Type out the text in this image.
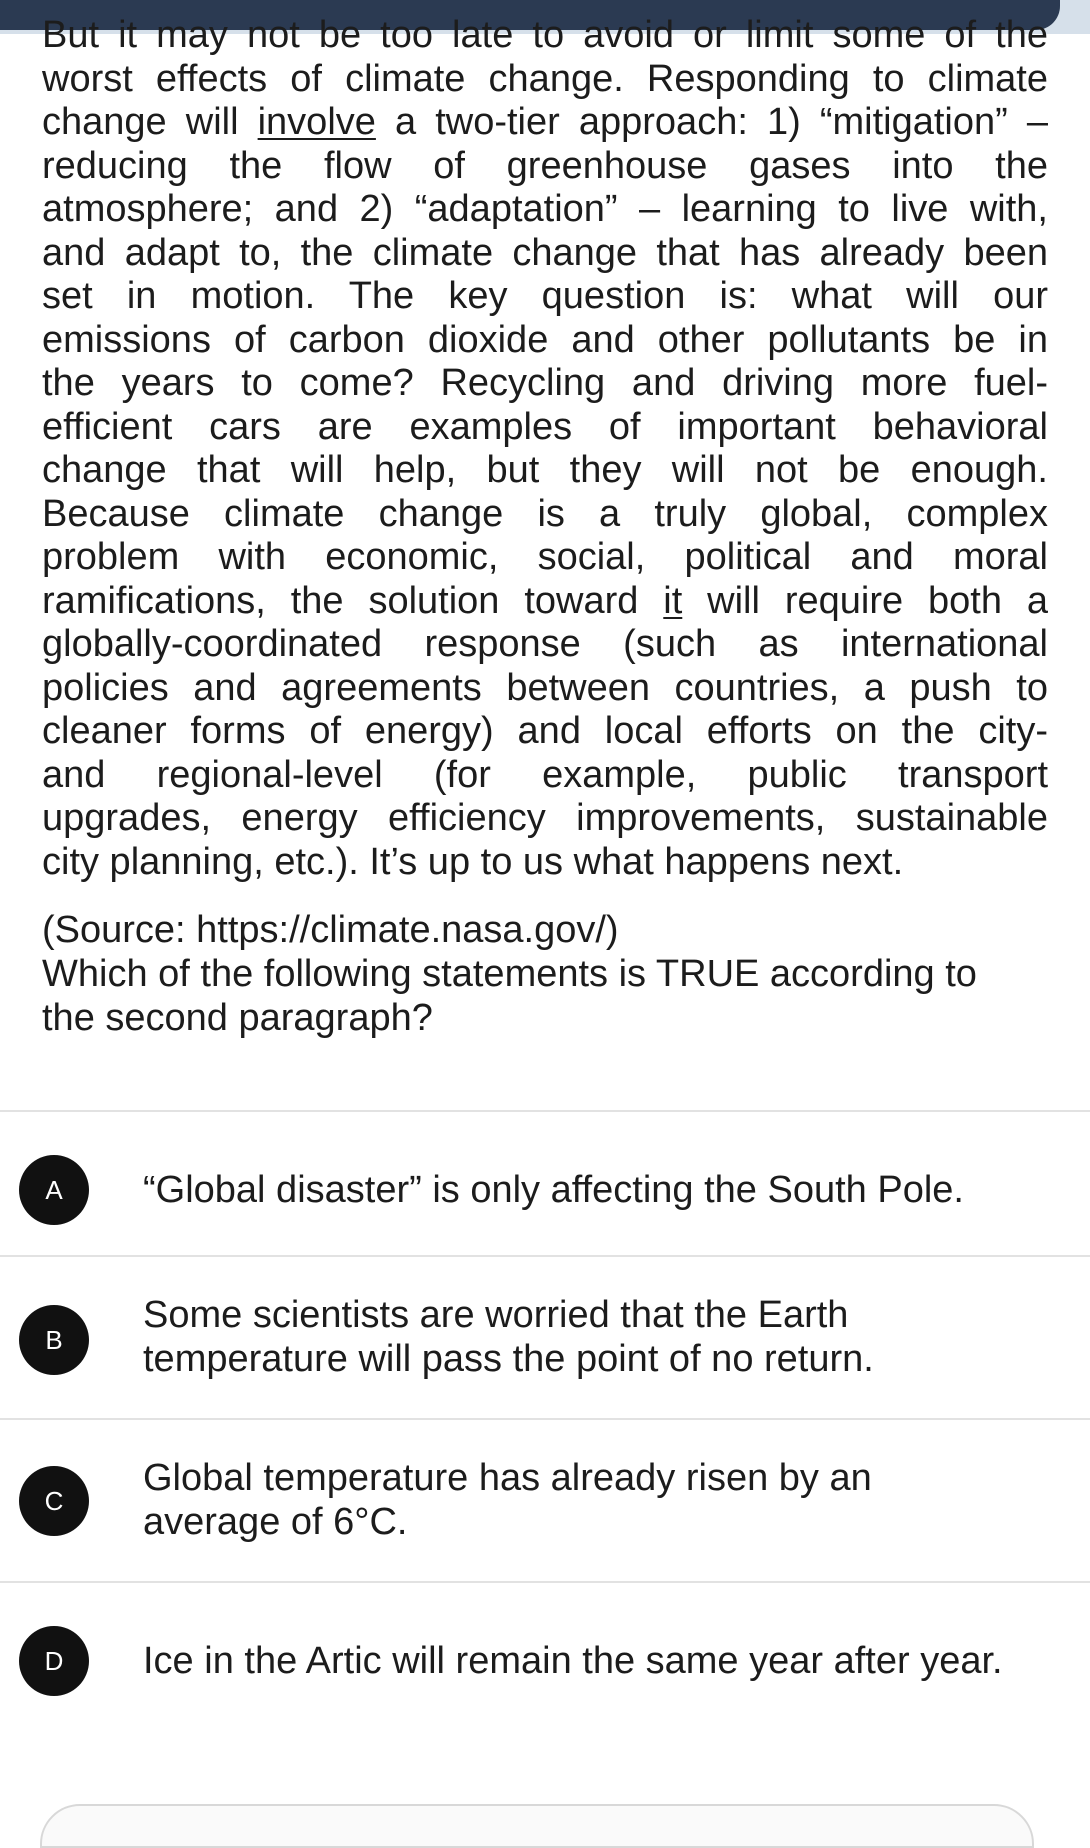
But it may not be too late to avoid or limit some of the
worst effects of climate change. Responding to climate
change will involve a two-tier approach: 1) “mitigation” –
reducing the flow of greenhouse gases into the
atmosphere; and 2) “adaptation” – learning to live with,
and adapt to, the climate change that has already been
set in motion. The key question is: what will our
emissions of carbon dioxide and other pollutants be in
the years to come? Recycling and driving more fuel-
efficient cars are examples of important behavioral
change that will help, but they will not be enough.
Because climate change is a truly global, complex
problem with economic, social, political and moral
ramifications, the solution toward it will require both a
globally-coordinated response (such as international
policies and agreements between countries, a push to
cleaner forms of energy) and local efforts on the city-
and regional-level (for example, public transport
upgrades, energy efficiency improvements, sustainable
city planning, etc.). It’s up to us what happens next.

(Source: https://climate.nasa.gov/)

Which of the following statements is TRUE according to
the second paragraph?

A	“Global disaster” is only affecting the South Pole.

B

Some scientists are worried that the Earth

temperature will pass the point of no return.

C

Global temperature has already risen by an

average of 6°C.

D	Ice in the Artic will remain the same year after year.
